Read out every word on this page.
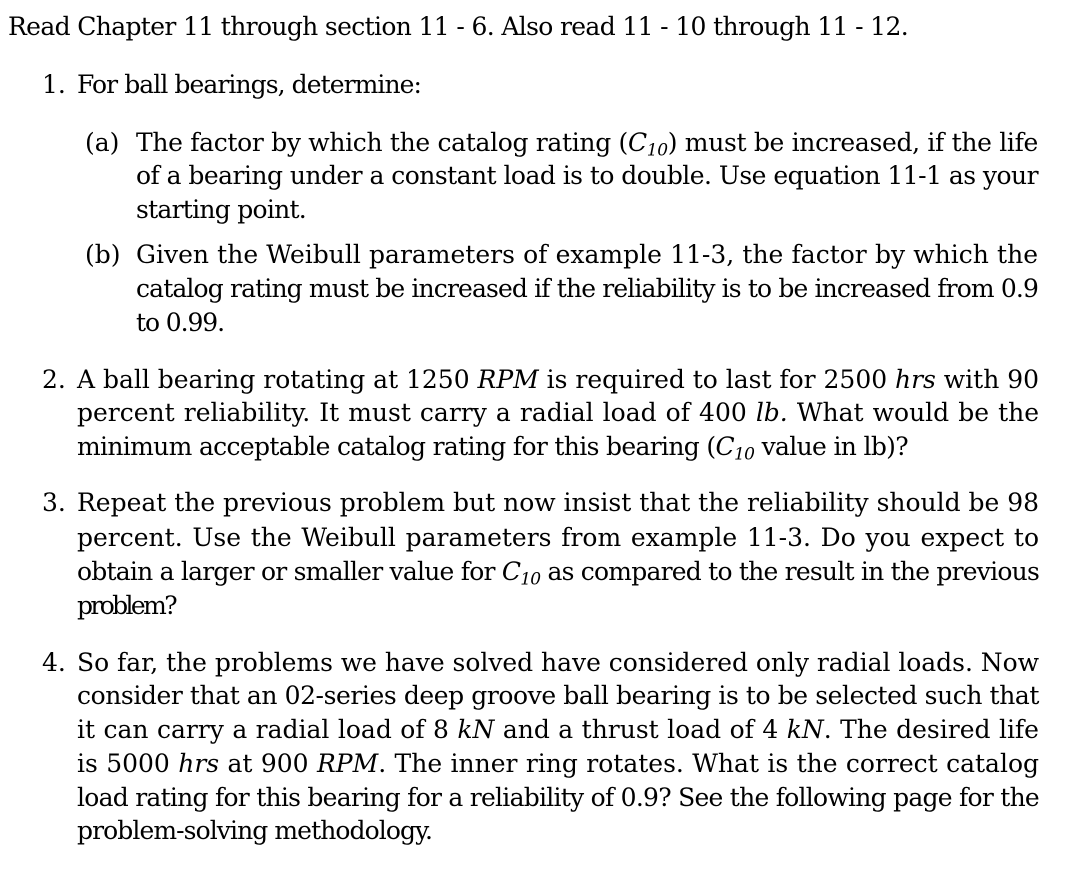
Read Chapter 11 through section 11 - 6. Also read 11 - 10 through 11 - 12.
1. For ball bearings, determine:
(a) The factor by which the catalog rating $(C_{10})$ must be increased, if the life
of a bearing under a constant load is to double. Use equation 11-1 as your
starting point.
(b) Given the Weibull parameters of example 11-3, the factor by which the
catalog rating must be increased if the reliability is to be increased from 0.9
to 0.99.
2. A ball bearing rotating at 1250 RPM is required to last for 2500 hrs with 90
percent reliability. It must carry a radial load of 400 lb. What would be the
minimum acceptable catalog rating for this bearing ($C_{10}$ value in lb)?
3. Repeat the previous problem but now insist that the reliability should be 98
percent. Use the Weibull parameters from example 11-3. Do you expect to
obtain a larger or smaller value for $C_{10}$ as compared to the result in the previous
problem?
4. So far, the problems we have solved have considered only radial loads. Now
consider that an 02-series deep groove ball bearing is to be selected such that
it can carry a radial load of 8 kN and a thrust load of 4 kN. The desired life
is 5000 hrs at 900 RPM. The inner ring rotates. What is the correct catalog
load rating for this bearing for a reliability of 0.9? See the following page for the
problem-solving methodology.
